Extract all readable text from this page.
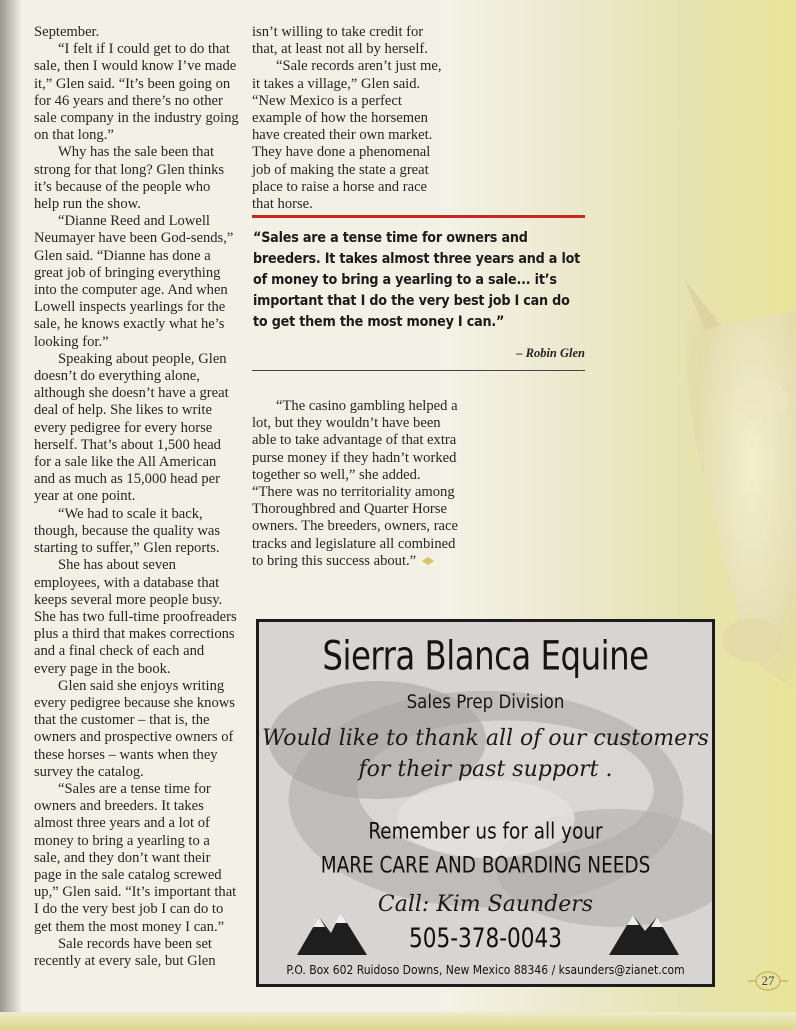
September.

“I felt if I could get to do that sale, then I would know I’ve made it,” Glen said. “It’s been going on for 46 years and there’s no other sale company in the industry going on that long.”

Why has the sale been that strong for that long? Glen thinks it’s because of the people who help run the show.

“Dianne Reed and Lowell Neumayer have been God-sends,” Glen said. “Dianne has done a great job of bringing everything into the computer age. And when Lowell inspects yearlings for the sale, he knows exactly what he’s looking for.”

Speaking about people, Glen doesn’t do everything alone, although she doesn’t have a great deal of help. She likes to write every pedigree for every horse herself. That’s about 1,500 head for a sale like the All American and as much as 15,000 head per year at one point.

“We had to scale it back, though, because the quality was starting to suffer,” Glen reports.

She has about seven employees, with a database that keeps several more people busy. She has two full-time proofreaders plus a third that makes corrections and a final check of each and every page in the book.

Glen said she enjoys writing every pedigree because she knows that the customer – that is, the owners and prospective owners of these horses – wants when they survey the catalog.

“Sales are a tense time for owners and breeders. It takes almost three years and a lot of money to bring a yearling to a sale, and they don’t want their page in the sale catalog screwed up,” Glen said. “It’s important that I do the very best job I can do to get them the most money I can.”

Sale records have been set recently at every sale, but Glen

isn’t willing to take credit for that, at least not all by herself.

“Sale records aren’t just me, it takes a village,” Glen said. “New Mexico is a perfect example of how the horsemen have created their own market. They have done a phenomenal job of making the state a great place to raise a horse and race that horse.

“Sales are a tense time for owners and breeders. It takes almost three years and a lot of money to bring a yearling to a sale... it’s important that I do the very best job I can do to get them the most money I can.”
– Robin Glen

“The casino gambling helped a lot, but they wouldn’t have been able to take advantage of that extra purse money if they hadn’t worked together so well,” she added. “There was no territoriality among Thoroughbred and Quarter Horse owners. The breeders, owners, race tracks and legislature all combined to bring this success about.”

Sierra Blanca Equine
Sales Prep Division
Would like to thank all of our customers
for their past support .
Remember us for all your
MARE CARE AND BOARDING NEEDS
Call: Kim Saunders
505-378-0043
P.O. Box 602 Ruidoso Downs, New Mexico 88346 / ksaunders@zianet.com
27
